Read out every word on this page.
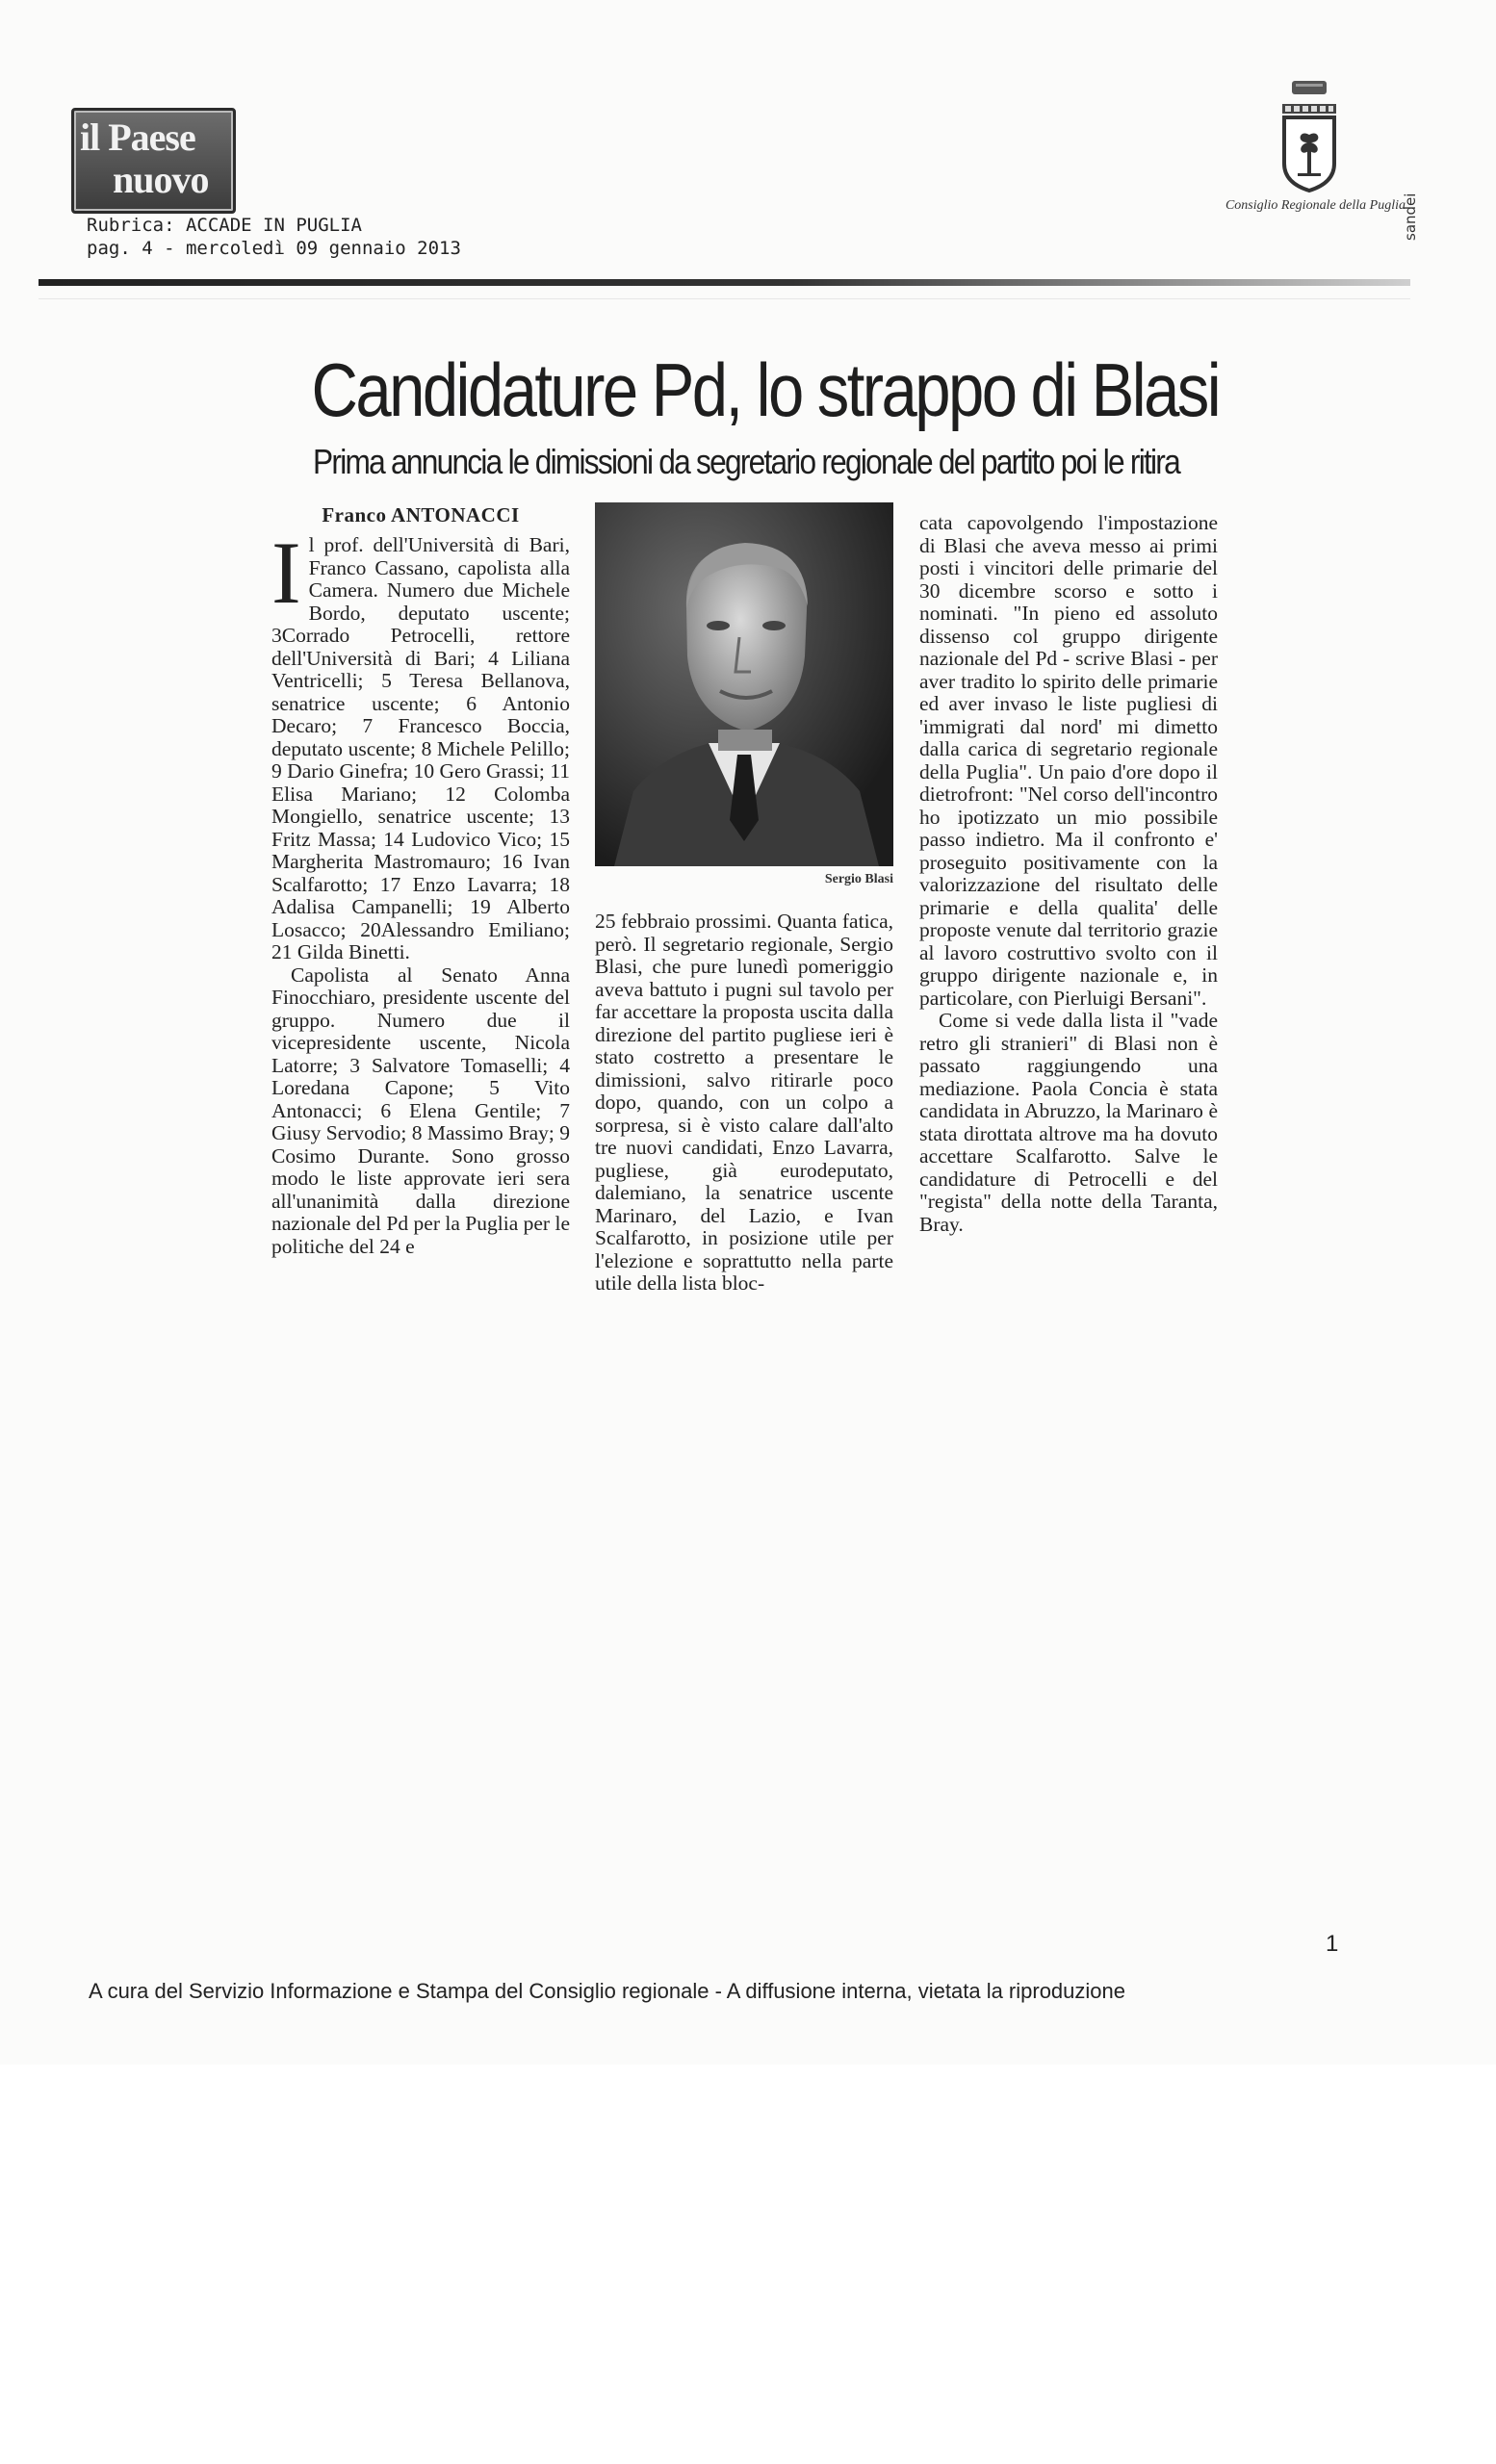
il Paese
nuovo
Rubrica: ACCADE IN PUGLIA
pag. 4 - mercoledì 09 gennaio 2013
Consiglio Regionale della Puglia
sandei
Candidature Pd, lo strappo di Blasi
Prima annuncia le dimissioni da segretario regionale del partito poi le ritira
Franco ANTONACCI

Il prof. dell'Università di Bari, Franco Cassano, capolista alla Camera. Numero due Michele Bordo, deputato uscente; 3Corrado Petrocelli, rettore dell'Università di Bari; 4 Liliana Ventricelli; 5 Teresa Bellanova, senatrice uscente; 6 Antonio Decaro; 7 Francesco Boccia, deputato uscente; 8 Michele Pelillo; 9 Dario Ginefra; 10 Gero Grassi; 11 Elisa Mariano; 12 Colomba Mongiello, senatrice uscente; 13 Fritz Massa; 14 Ludovico Vico; 15 Margherita Mastromauro; 16 Ivan Scalfarotto; 17 Enzo Lavarra; 18 Adalisa Campanelli; 19 Alberto Losacco; 20Alessandro Emiliano; 21 Gilda Binetti.

Capolista al Senato Anna Finocchiaro, presidente uscente del gruppo. Numero due il vicepresidente uscente, Nicola Latorre; 3 Salvatore Tomaselli; 4 Loredana Capone; 5 Vito Antonacci; 6 Elena Gentile; 7 Giusy Servodio; 8 Massimo Bray; 9 Cosimo Durante. Sono grosso modo le liste approvate ieri sera all'unanimità dalla direzione nazionale del Pd per la Puglia per le politiche del 24 e

Sergio Blasi

25 febbraio prossimi. Quanta fatica, però. Il segretario regionale, Sergio Blasi, che pure lunedì pomeriggio aveva battuto i pugni sul tavolo per far accettare la proposta uscita dalla direzione del partito pugliese ieri è stato costretto a presentare le dimissioni, salvo ritirarle poco dopo, quando, con un colpo a sorpresa, si è visto calare dall'alto tre nuovi candidati, Enzo Lavarra, pugliese, già eurodeputato, dalemiano, la senatrice uscente Marinaro, del Lazio, e Ivan Scalfarotto, in posizione utile per l'elezione e soprattutto nella parte utile della lista bloc-

cata capovolgendo l'impostazione di Blasi che aveva messo ai primi posti i vincitori delle primarie del 30 dicembre scorso e sotto i nominati. "In pieno ed assoluto dissenso col gruppo dirigente nazionale del Pd - scrive Blasi - per aver tradito lo spirito delle primarie ed aver invaso le liste pugliesi di 'immigrati dal nord' mi dimetto dalla carica di segretario regionale della Puglia". Un paio d'ore dopo il dietrofront: "Nel corso dell'incontro ho ipotizzato un mio possibile passo indietro. Ma il confronto e' proseguito positivamente con la valorizzazione del risultato delle primarie e della qualita' delle proposte venute dal territorio grazie al lavoro costruttivo svolto con il gruppo dirigente nazionale e, in particolare, con Pierluigi Bersani".

Come si vede dalla lista il "vade retro gli stranieri" di Blasi non è passato raggiungendo una mediazione. Paola Concia è stata candidata in Abruzzo, la Marinaro è stata dirottata altrove ma ha dovuto accettare Scalfarotto. Salve le candidature di Petrocelli e del "regista" della notte della Taranta, Bray.

1
A cura del Servizio Informazione e Stampa del Consiglio regionale - A diffusione interna, vietata la riproduzione
